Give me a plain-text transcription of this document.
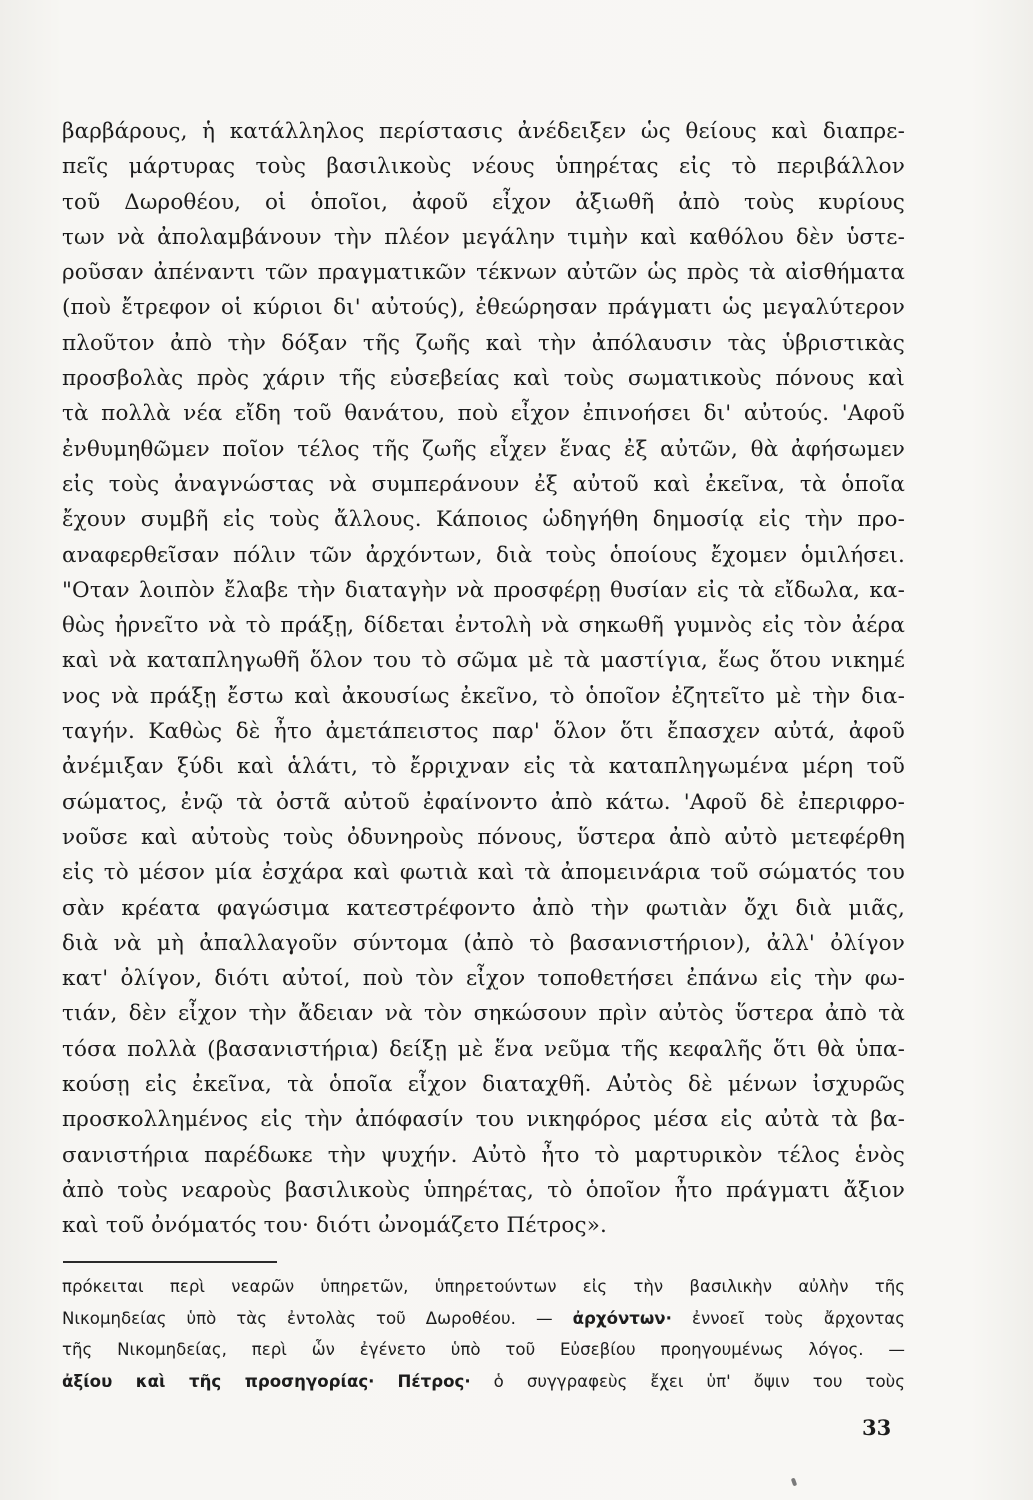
βαρβάρους, ἡ κατάλληλος περίστασις ἀνέδειξεν ὡς θείους καὶ διαπρε-
πεῖς μάρτυρας τοὺς βασιλικοὺς νέους ὑπηρέτας εἰς τὸ περιβάλλον
τοῦ Δωροθέου, οἱ ὁποῖοι, ἀφοῦ εἶχον ἀξιωθῆ ἀπὸ τοὺς κυρίους
των νὰ ἀπολαμβάνουν τὴν πλέον μεγάλην τιμὴν καὶ καθόλου δὲν ὑστε-
ροῦσαν ἀπέναντι τῶν πραγματικῶν τέκνων αὐτῶν ὡς πρὸς τὰ αἰσθήματα
(ποὺ ἔτρεφον οἱ κύριοι δι' αὐτούς), ἐθεώρησαν πράγματι ὡς μεγαλύτερον
πλοῦτον ἀπὸ τὴν δόξαν τῆς ζωῆς καὶ τὴν ἀπόλαυσιν τὰς ὑβριστικὰς
προσβολὰς πρὸς χάριν τῆς εὐσεβείας καὶ τοὺς σωματικοὺς πόνους καὶ
τὰ πολλὰ νέα εἴδη τοῦ θανάτου, ποὺ εἶχον ἐπινοήσει δι' αὐτούς. 'Αφοῦ
ἐνθυμηθῶμεν ποῖον τέλος τῆς ζωῆς εἶχεν ἕνας ἐξ αὐτῶν, θὰ ἀφήσωμεν
εἰς τοὺς ἀναγνώστας νὰ συμπεράνουν ἐξ αὐτοῦ καὶ ἐκεῖνα, τὰ ὁποῖα
ἔχουν συμβῆ εἰς τοὺς ἄλλους. Κάποιος ὡδηγήθη δημοσίᾳ εἰς τὴν προ-
αναφερθεῖσαν πόλιν τῶν ἀρχόντων, διὰ τοὺς ὁποίους ἔχομεν ὁμιλήσει.
"Οταν λοιπὸν ἔλαβε τὴν διαταγὴν νὰ προσφέρῃ θυσίαν εἰς τὰ εἴδωλα, κα-
θὼς ἠρνεῖτο νὰ τὸ πράξῃ, δίδεται ἐντολὴ νὰ σηκωθῆ γυμνὸς εἰς τὸν ἀέρα
καὶ νὰ καταπληγωθῆ ὅλον του τὸ σῶμα μὲ τὰ μαστίγια, ἕως ὅτου νικημέ
νος νὰ πράξῃ ἔστω καὶ ἀκουσίως ἐκεῖνο, τὸ ὁποῖον ἐζητεῖτο μὲ τὴν δια-
ταγήν. Καθὼς δὲ ἦτο ἀμετάπειστος παρ' ὅλον ὅτι ἔπασχεν αὐτά, ἀφοῦ
ἀνέμιξαν ξύδι καὶ ἁλάτι, τὸ ἔρριχναν εἰς τὰ καταπληγωμένα μέρη τοῦ
σώματος, ἐνῷ τὰ ὀστᾶ αὐτοῦ ἐφαίνοντο ἀπὸ κάτω. 'Αφοῦ δὲ ἐπεριφρο-
νοῦσε καὶ αὐτοὺς τοὺς ὀδυνηροὺς πόνους, ὕστερα ἀπὸ αὐτὸ μετεφέρθη
εἰς τὸ μέσον μία ἐσχάρα καὶ φωτιὰ καὶ τὰ ἀπομεινάρια τοῦ σώματός του
σὰν κρέατα φαγώσιμα κατεστρέφοντο ἀπὸ τὴν φωτιὰν ὄχι διὰ μιᾶς,
διὰ νὰ μὴ ἀπαλλαγοῦν σύντομα (ἀπὸ τὸ βασανιστήριον), ἀλλ' ὀλίγον
κατ' ὀλίγον, διότι αὐτοί, ποὺ τὸν εἶχον τοποθετήσει ἐπάνω εἰς τὴν φω-
τιάν, δὲν εἶχον τὴν ἄδειαν νὰ τὸν σηκώσουν πρὶν αὐτὸς ὕστερα ἀπὸ τὰ
τόσα πολλὰ (βασανιστήρια) δείξῃ μὲ ἕνα νεῦμα τῆς κεφαλῆς ὅτι θὰ ὑπα-
κούσῃ εἰς ἐκεῖνα, τὰ ὁποῖα εἶχον διαταχθῆ. Αὐτὸς δὲ μένων ἰσχυρῶς
προσκολλημένος εἰς τὴν ἀπόφασίν του νικηφόρος μέσα εἰς αὐτὰ τὰ βα-
σανιστήρια παρέδωκε τὴν ψυχήν. Αὐτὸ ἦτο τὸ μαρτυρικὸν τέλος ἑνὸς
ἀπὸ τοὺς νεαροὺς βασιλικοὺς ὑπηρέτας, τὸ ὁποῖον ἦτο πράγματι ἄξιον
καὶ τοῦ ὀνόματός του· διότι ὠνομάζετο Πέτρος».
πρόκειται περὶ νεαρῶν ὑπηρετῶν, ὑπηρετούντων εἰς τὴν βασιλικὴν αὐλὴν τῆς
Νικομηδείας ὑπὸ τὰς ἐντολὰς τοῦ Δωροθέου. — ἀρχόντων· ἐννοεῖ τοὺς ἄρχοντας
τῆς Νικομηδείας, περὶ ὧν ἐγένετο ὑπὸ τοῦ Εὐσεβίου προηγουμένως λόγος. —
ἀξίου καὶ τῆς προσηγορίας· Πέτρος· ὁ συγγραφεὺς ἔχει ὑπ' ὄψιν του τοὺς
33
